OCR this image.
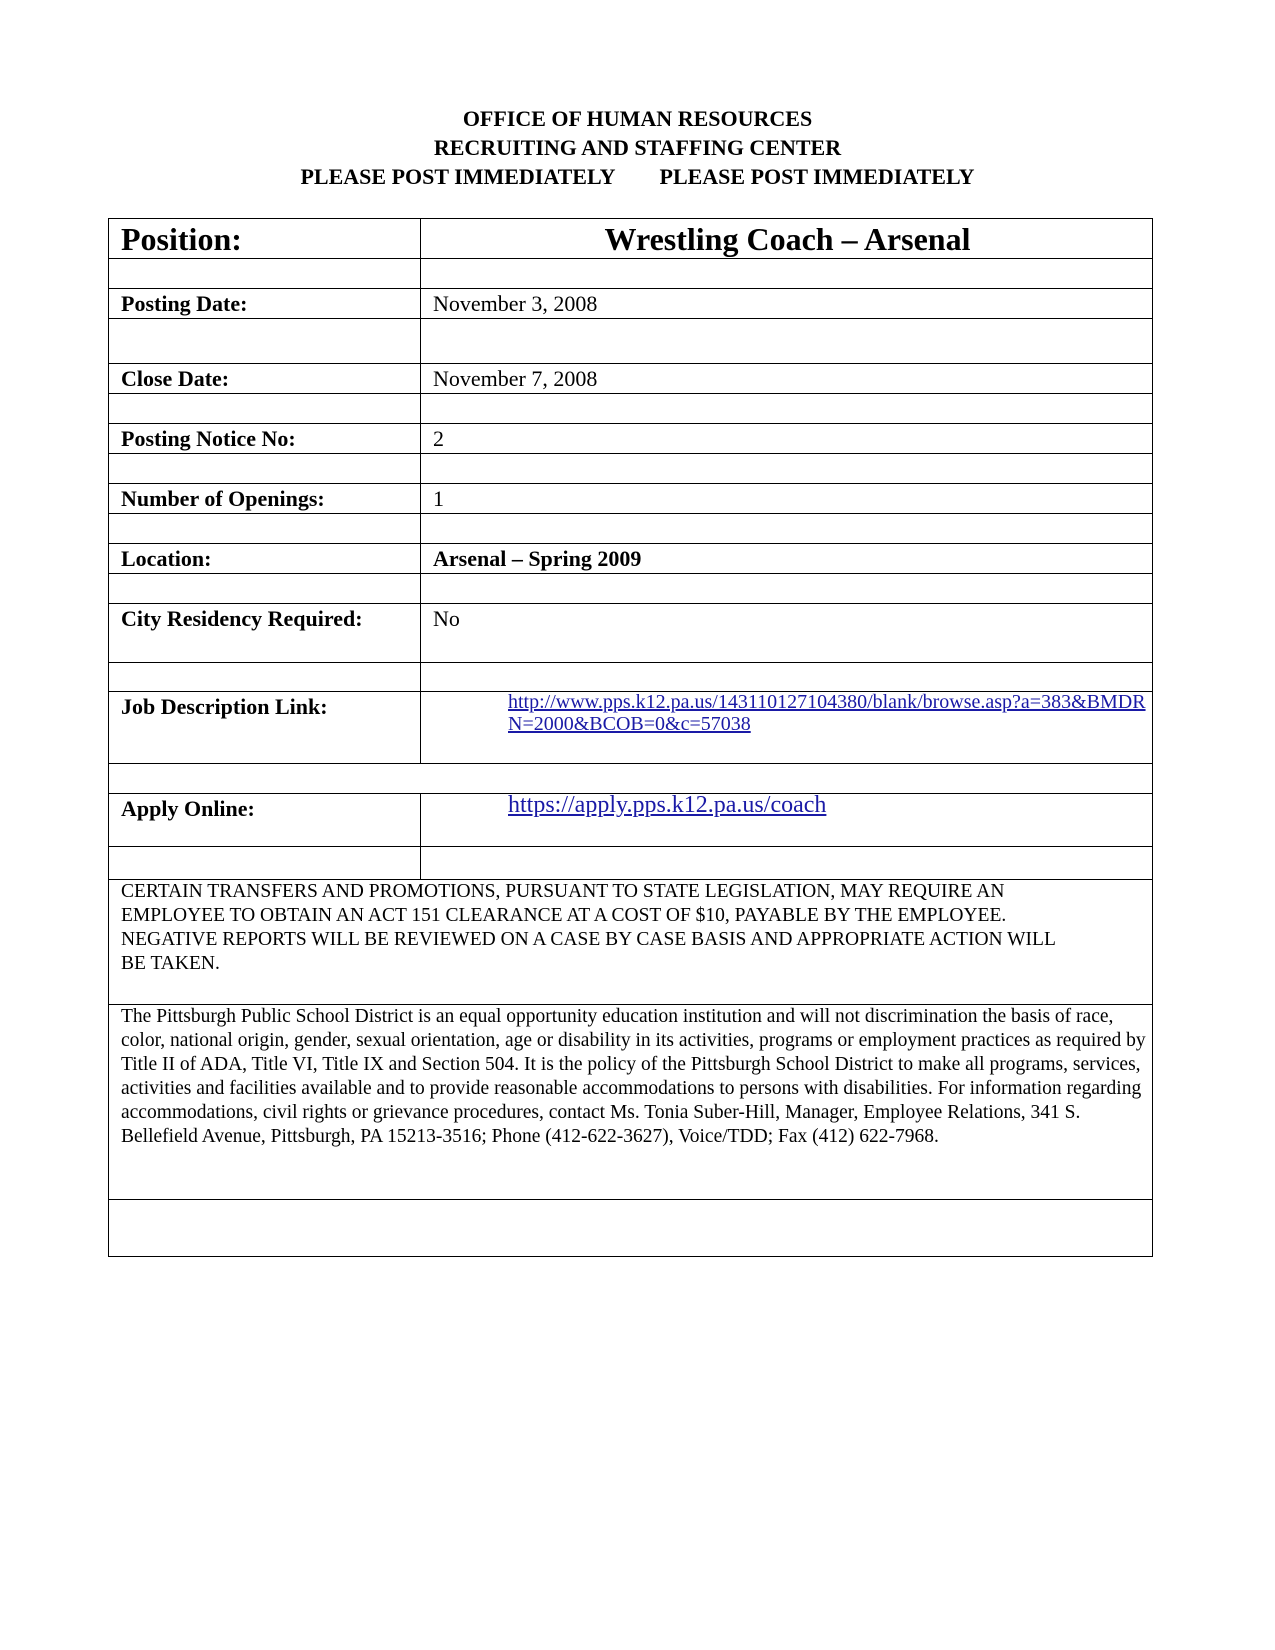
OFFICE OF HUMAN RESOURCES
RECRUITING AND STAFFING CENTER
PLEASE POST IMMEDIATELY PLEASE POST IMMEDIATELY
Position:	Wrestling Coach – Arsenal
Posting Date:	November 3, 2008
Close Date:	November 7, 2008
Posting Notice No:	2
Number of Openings:	1
Location:	Arsenal – Spring 2009
City Residency Required:	No
Job Description Link:	http://www.pps.k12.pa.us/143110127104380/blank/browse.asp?a=383&BMDRN=2000&BCOB=0&c=57038
Apply Online:	https://apply.pps.k12.pa.us/coach
CERTAIN TRANSFERS AND PROMOTIONS, PURSUANT TO STATE LEGISLATION, MAY REQUIRE AN EMPLOYEE TO OBTAIN AN ACT 151 CLEARANCE AT A COST OF $10, PAYABLE BY THE EMPLOYEE. NEGATIVE REPORTS WILL BE REVIEWED ON A CASE BY CASE BASIS AND APPROPRIATE ACTION WILL BE TAKEN.
The Pittsburgh Public School District is an equal opportunity education institution and will not discrimination the basis of race, color, national origin, gender, sexual orientation, age or disability in its activities, programs or employment practices as required by Title II of ADA, Title VI, Title IX and Section 504. It is the policy of the Pittsburgh School District to make all programs, services, activities and facilities available and to provide reasonable accommodations to persons with disabilities. For information regarding accommodations, civil rights or grievance procedures, contact Ms. Tonia Suber-Hill, Manager, Employee Relations, 341 S. Bellefield Avenue, Pittsburgh, PA 15213-3516; Phone (412-622-3627), Voice/TDD; Fax (412) 622-7968.
